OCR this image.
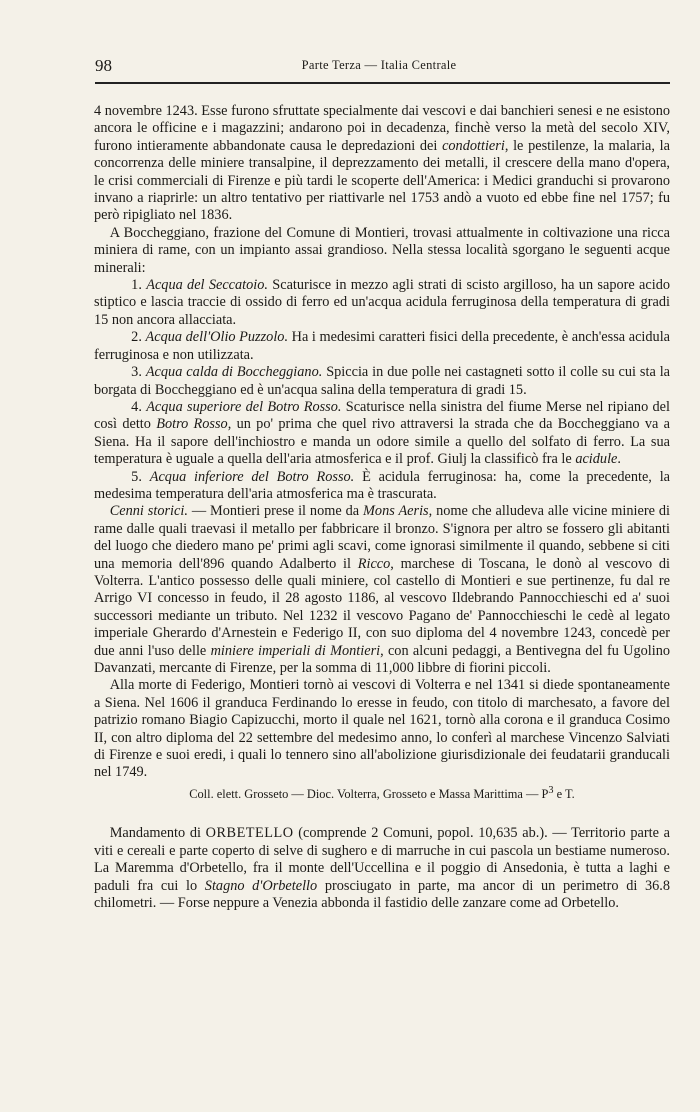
98	Parte Terza — Italia Centrale

4 novembre 1243. Esse furono sfruttate specialmente dai vescovi e dai banchieri senesi e ne esistono ancora le officine e i magazzini; andarono poi in decadenza, finchè verso la metà del secolo XIV, furono intieramente abbandonate causa le depredazioni dei condottieri, le pestilenze, la malaria, la concorrenza delle miniere transalpine, il deprezzamento dei metalli, il crescere della mano d'opera, le crisi commerciali di Firenze e più tardi le scoperte dell'America: i Medici granduchi si provarono invano a riaprirle: un altro tentativo per riattivarle nel 1753 andò a vuoto ed ebbe fine nel 1757; fu però ripigliato nel 1836.

A Boccheggiano, frazione del Comune di Montieri, trovasi attualmente in coltivazione una ricca miniera di rame, con un impianto assai grandioso. Nella stessa località sgorgano le seguenti acque minerali:

1. Acqua del Seccatoio. Scaturisce in mezzo agli strati di scisto argilloso, ha un sapore acido stiptico e lascia traccie di ossido di ferro ed un'acqua acidula ferruginosa della temperatura di gradi 15 non ancora allacciata.

2. Acqua dell'Olio Puzzolo. Ha i medesimi caratteri fisici della precedente, è anch'essa acidula ferruginosa e non utilizzata.

3. Acqua calda di Boccheggiano. Spiccia in due polle nei castagneti sotto il colle su cui sta la borgata di Boccheggiano ed è un'acqua salina della temperatura di gradi 15.

4. Acqua superiore del Botro Rosso. Scaturisce nella sinistra del fiume Merse nel ripiano del così detto Botro Rosso, un po' prima che quel rivo attraversi la strada che da Boccheggiano va a Siena. Ha il sapore dell'inchiostro e manda un odore simile a quello del solfato di ferro. La sua temperatura è uguale a quella dell'aria atmosferica e il prof. Giulj la classificò fra le acidule.

5. Acqua inferiore del Botro Rosso. È acidula ferruginosa: ha, come la precedente, la medesima temperatura dell'aria atmosferica ma è trascurata.

Cenni storici. — Montieri prese il nome da Mons Aeris, nome che alludeva alle vicine miniere di rame dalle quali traevasi il metallo per fabbricare il bronzo. S'ignora per altro se fossero gli abitanti del luogo che diedero mano pe' primi agli scavi, come ignorasi similmente il quando, sebbene si citi una memoria dell'896 quando Adalberto il Ricco, marchese di Toscana, le donò al vescovo di Volterra. L'antico possesso delle quali miniere, col castello di Montieri e sue pertinenze, fu dal re Arrigo VI concesso in feudo, il 28 agosto 1186, al vescovo Ildebrando Pannocchieschi ed a' suoi successori mediante un tributo. Nel 1232 il vescovo Pagano de' Pannocchieschi le cedè al legato imperiale Gherardo d'Arnestein e Federigo II, con suo diploma del 4 novembre 1243, concedè per due anni l'uso delle miniere imperiali di Montieri, con alcuni pedaggi, a Bentivegna del fu Ugolino Davanzati, mercante di Firenze, per la somma di 11,000 libbre di fiorini piccoli.

Alla morte di Federigo, Montieri tornò ai vescovi di Volterra e nel 1341 si diede spontaneamente a Siena. Nel 1606 il granduca Ferdinando lo eresse in feudo, con titolo di marchesato, a favore del patrizio romano Biagio Capizucchi, morto il quale nel 1621, tornò alla corona e il granduca Cosimo II, con altro diploma del 22 settembre del medesimo anno, lo conferì al marchese Vincenzo Salviati di Firenze e suoi eredi, i quali lo tennero sino all'abolizione giurisdizionale dei feudatarii granducali nel 1749.

Coll. elett. Grosseto — Dioc. Volterra, Grosseto e Massa Marittima — $P^3$ e T.

Mandamento di ORBETELLO (comprende 2 Comuni, popol. 10,635 ab.). — Territorio parte a viti e cereali e parte coperto di selve di sughero e di marruche in cui pascola un bestiame numeroso. La Maremma d'Orbetello, fra il monte dell'Uccellina e il poggio di Ansedonia, è tutta a laghi e paduli fra cui lo Stagno d'Orbetello prosciugato in parte, ma ancor di un perimetro di 36.8 chilometri. — Forse neppure a Venezia abbonda il fastidio delle zanzare come ad Orbetello.
